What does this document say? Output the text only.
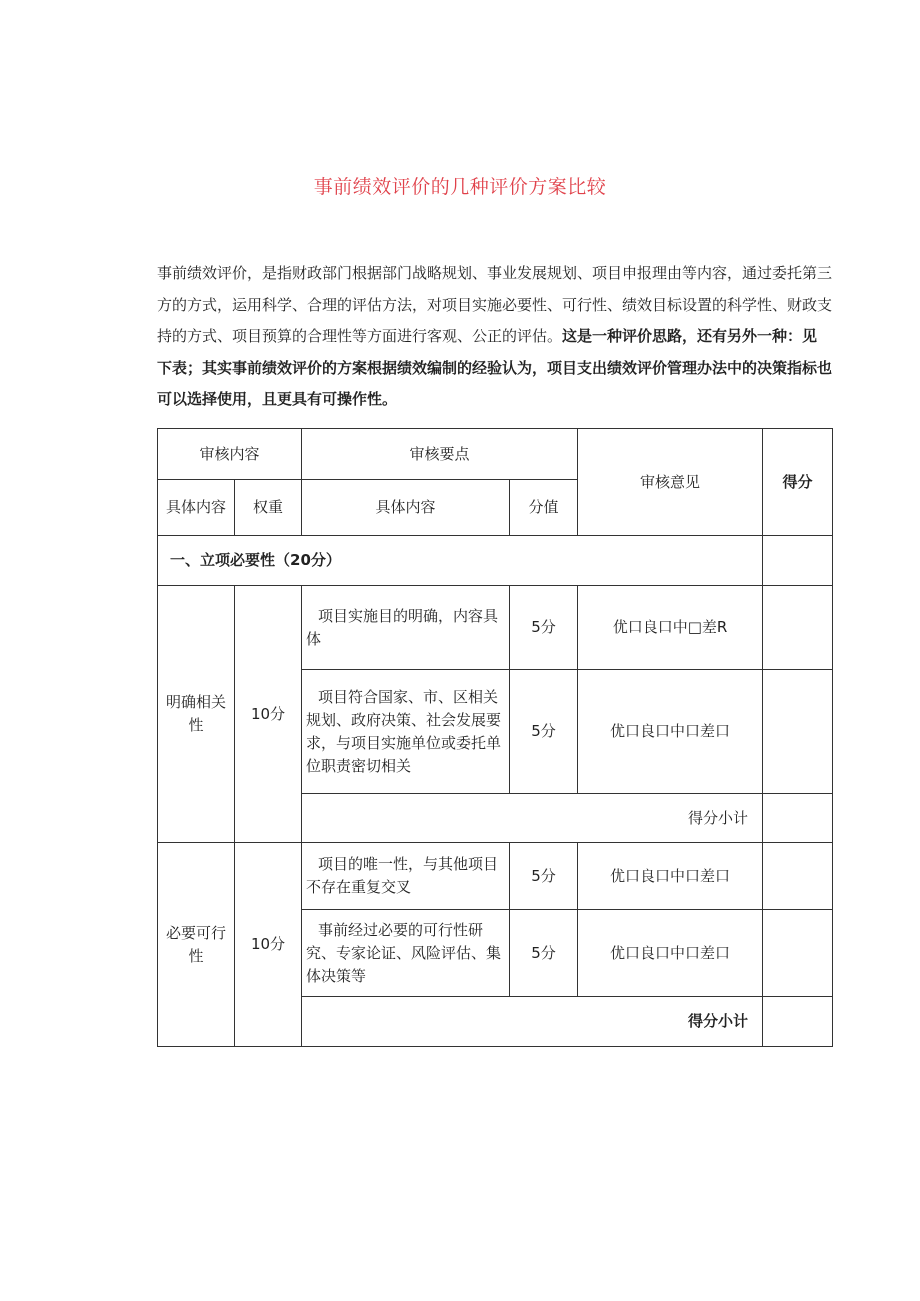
事前绩效评价的几种评价方案比较
事前绩效评价，是指财政部门根据部门战略规划、事业发展规划、项目申报理由等内容，通过委托第三方的方式，运用科学、合理的评估方法，对项目实施必要性、可行性、绩效目标设置的科学性、财政支持的方式、项目预算的合理性等方面进行客观、公正的评估。这是一种评价思路，还有另外一种：见下表；其实事前绩效评价的方案根据绩效编制的经验认为，项目支出绩效评价管理办法中的决策指标也可以选择使用，且更具有可操作性。
审核内容		审核要点		审核意见	得分
具体内容	权重	具体内容	分值		
一、立项必要性（20分）					
明确相关性	10分	项目实施目的明确，内容具体	5分	优口良口中□差R	
		项目符合国家、市、区相关规划、政府决策、社会发展要求，与项目实施单位或委托单位职责密切相关	5分	优口良口中口差口	
		得分小计			
必要可行性	10分	项目的唯一性，与其他项目不存在重复交叉	5分	优口良口中口差口	
		事前经过必要的可行性研究、专家论证、风险评估、集体决策等	5分	优口良口中口差口	
		得分小计			
